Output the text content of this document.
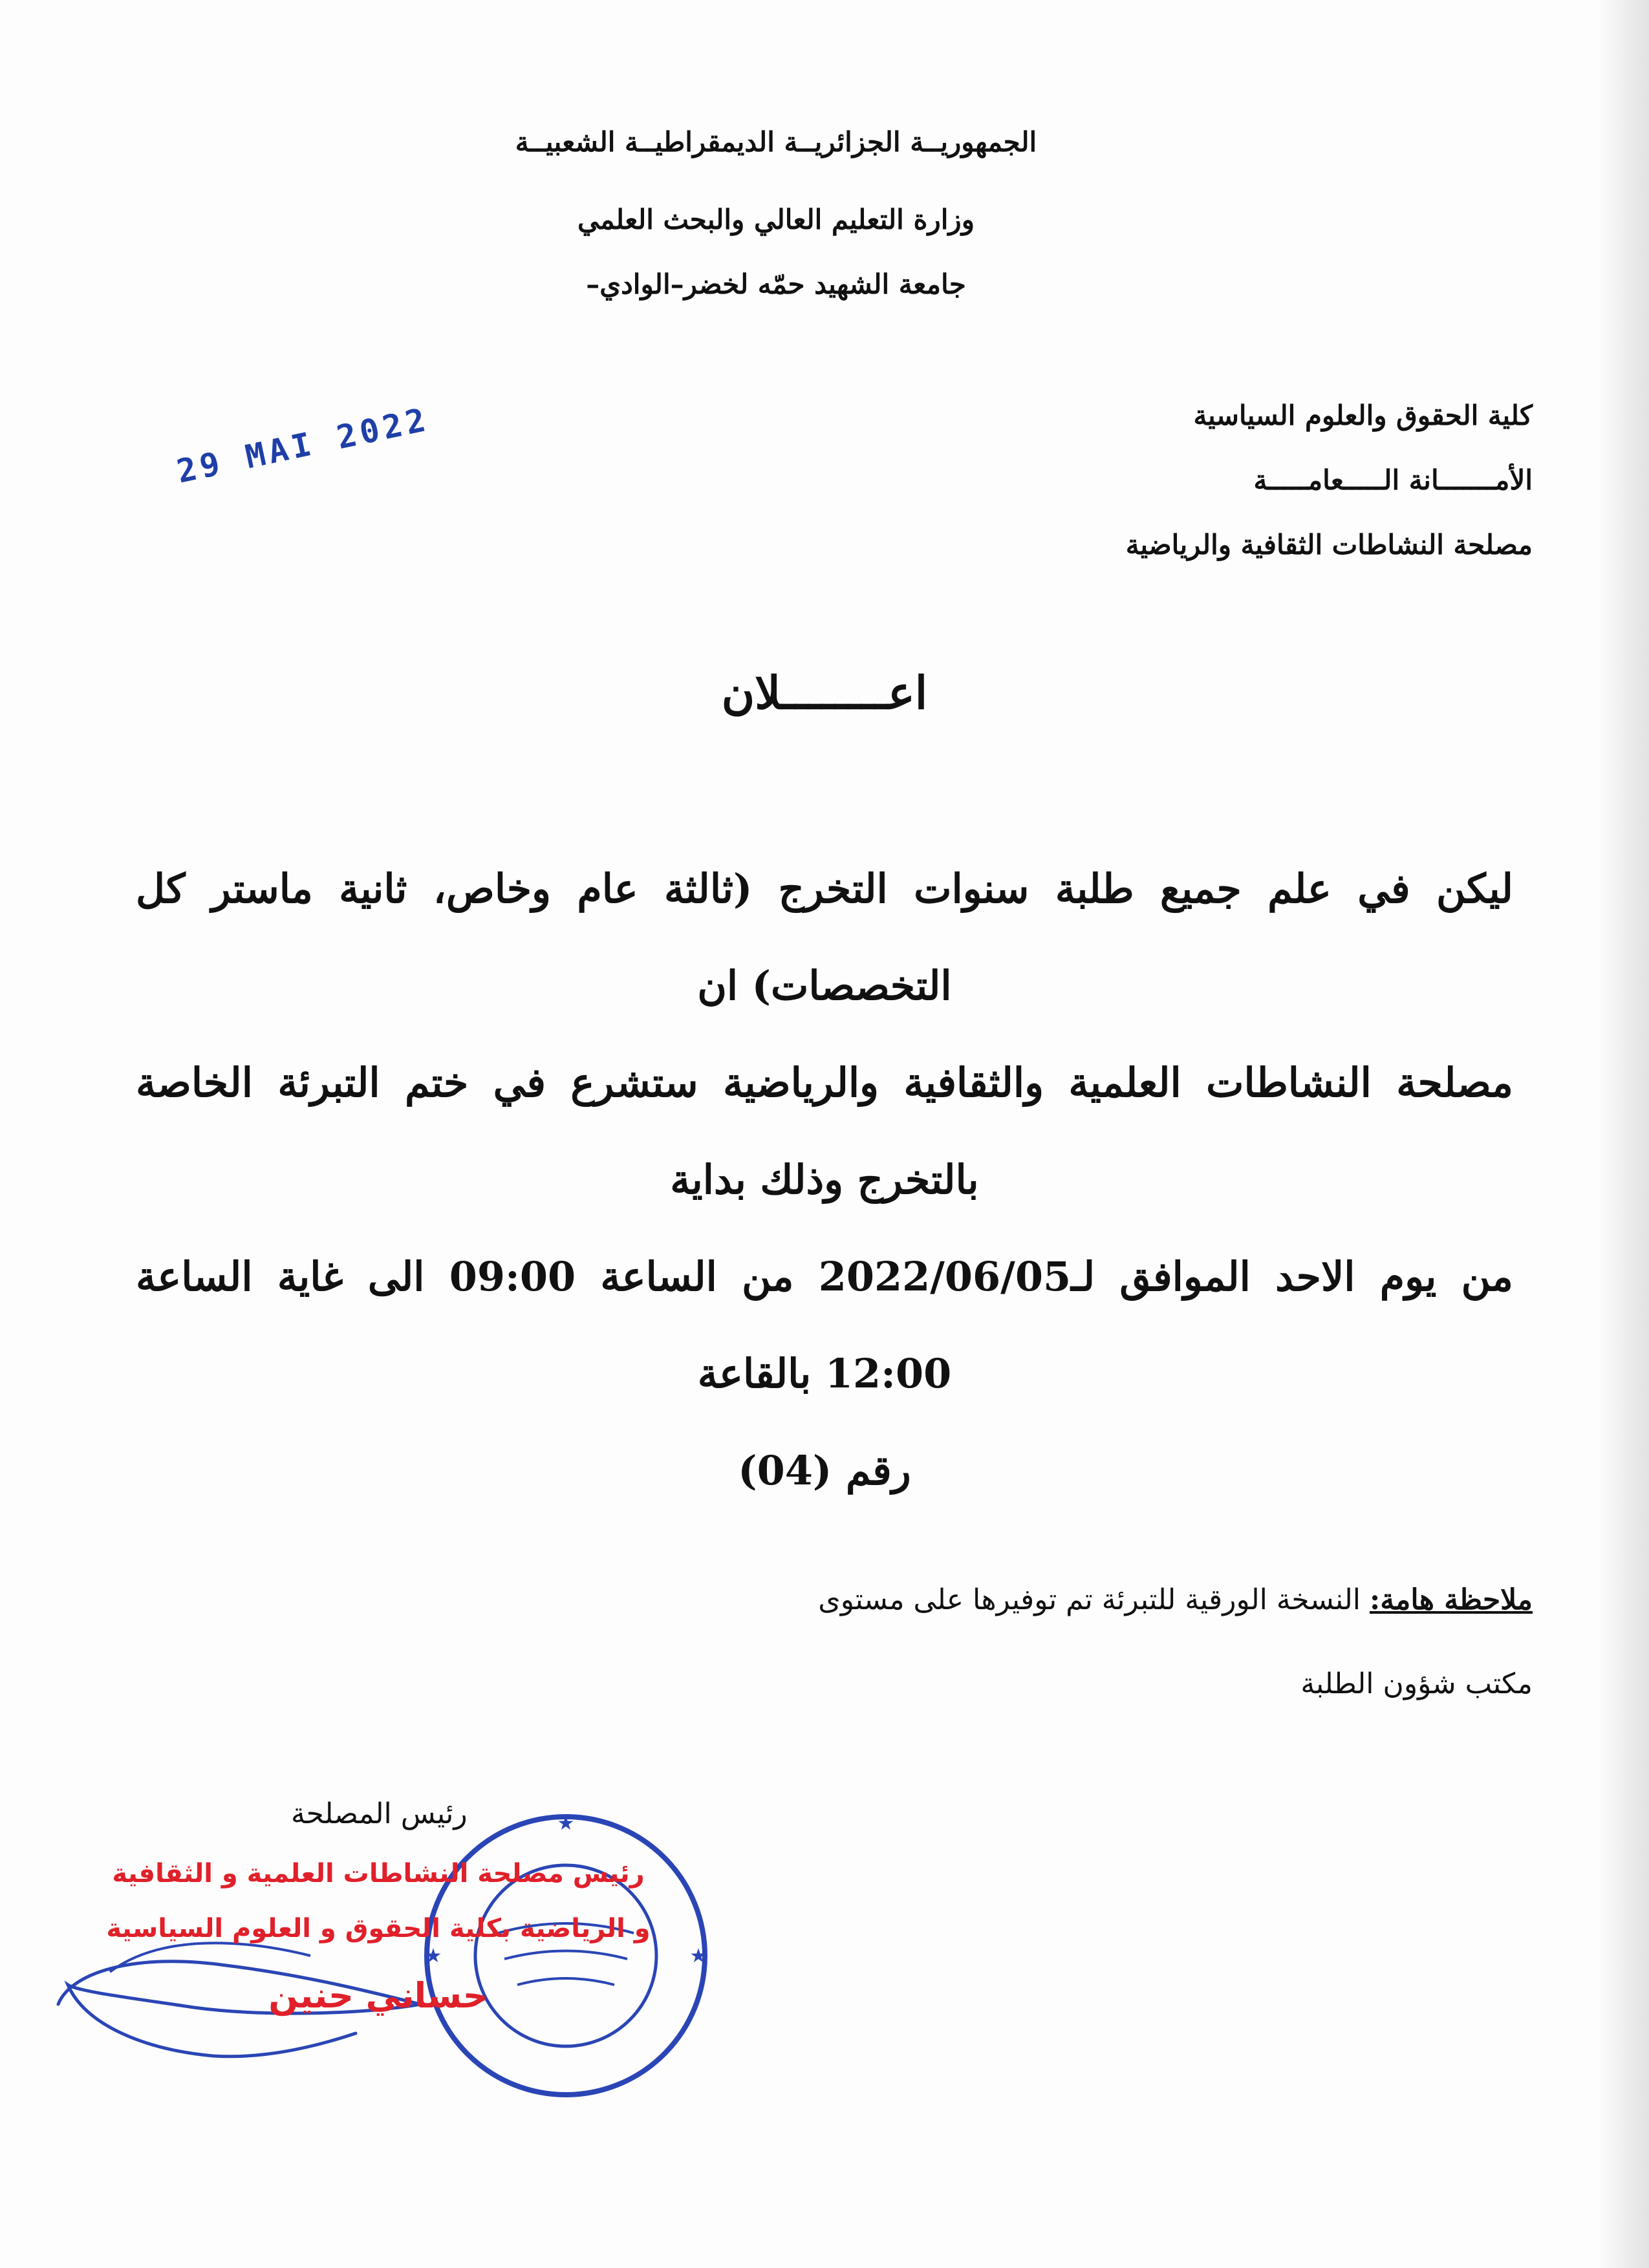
الجمهوريــة الجزائريــة الديمقراطيــة الشعبيــة
وزارة التعليم العالي والبحث العلمي
جامعة الشهيد حمّه لخضر–الوادي–
كلية الحقوق والعلوم السياسية
الأمـــــــانة الـــــعامـــــة
مصلحة النشاطات الثقافية والرياضية
29 MAI 2022
اعــــــــلان
ليكن في علم جميع طلبة سنوات التخرج (ثالثة عام وخاص، ثانية ماستر كل التخصصات) ان
مصلحة النشاطات العلمية والثقافية والرياضية ستشرع في ختم التبرئة الخاصة بالتخرج وذلك بداية
من يوم الاحد الموافق لـ2022/06/05 من الساعة 09:00 الى غاية الساعة 12:00 بالقاعة
رقم (04)
ملاحظة هامة: النسخة الورقية للتبرئة تم توفيرها على مستوى
مكتب شؤون الطلبة
★
★	★
رئيس المصلحة
رئيس مصلحة النشاطات العلمية و الثقافية
و الرياضية بكلية الحقوق و العلوم السياسية
حساني حنين
